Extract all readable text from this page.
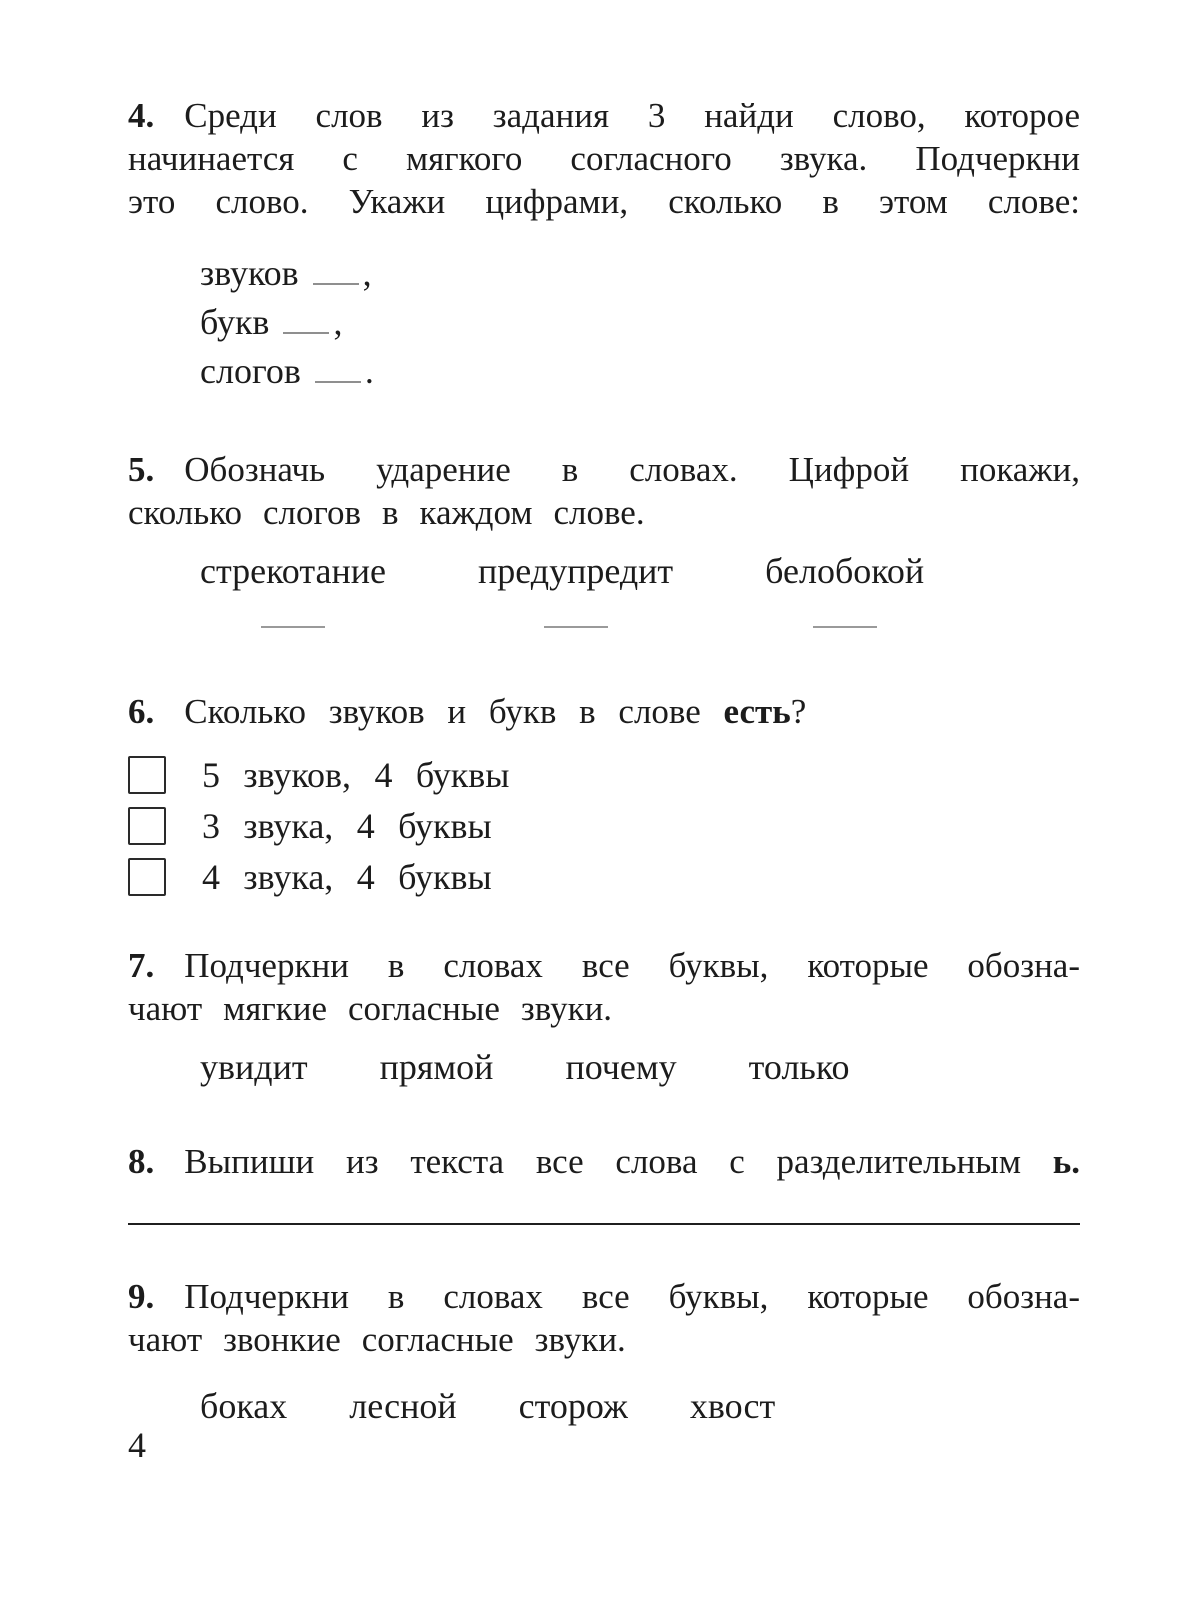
4. Среди слов из задания 3 найди слово, которое
начинается с мягкого согласного звука. Подчеркни
это слово. Укажи цифрами, сколько в этом слове:
звуков ,
букв ,
слогов .
5. Обозначь ударение в словах. Цифрой покажи,
сколько слогов в каждом слове.
стрекотание	предупредит	белобокой
6. Сколько звуков и букв в слове есть?
5 звуков, 4 буквы
3 звука, 4 буквы
4 звука, 4 буквы
7. Подчеркни в словах все буквы, которые обозна-
чают мягкие согласные звуки.
увидит прямой почему только
8. Выпиши из текста все слова с разделительным ь.
9. Подчеркни в словах все буквы, которые обозна-
чают звонкие согласные звуки.
боках лесной сторож хвост
4
